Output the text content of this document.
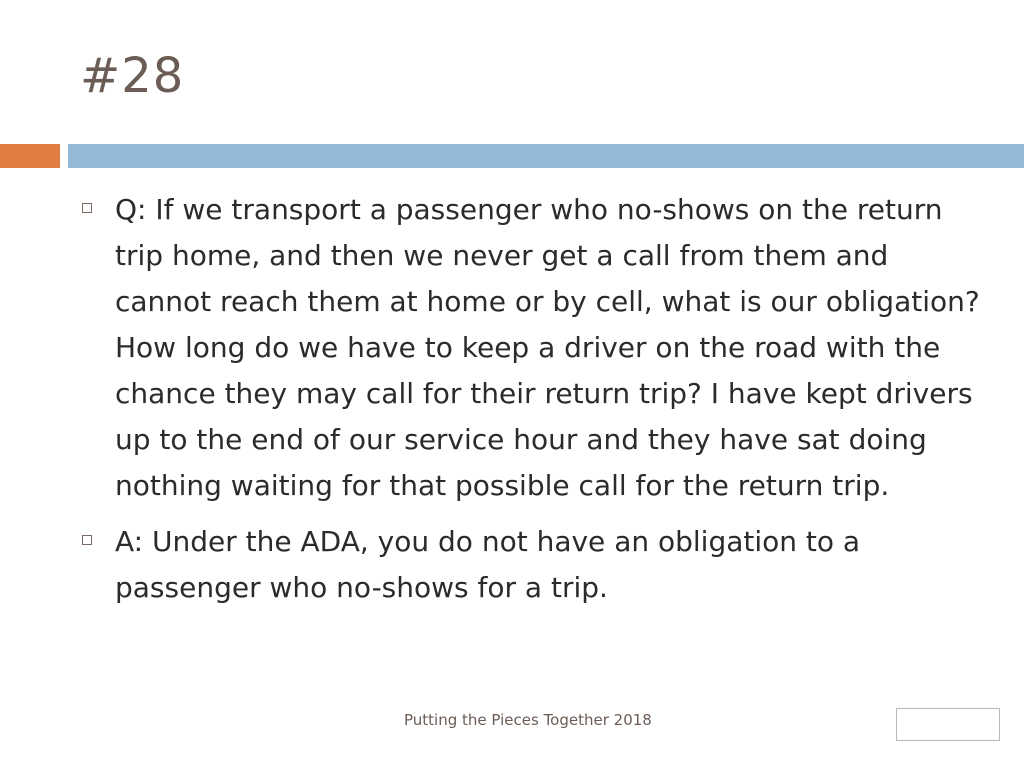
#28
Q: If we transport a passenger who no-shows on the return trip home, and then we never get a call from them and cannot reach them at home or by cell, what is our obligation? How long do we have to keep a driver on the road with the chance they may call for their return trip? I have kept drivers up to the end of our service hour and they have sat doing nothing waiting for that possible call for the return trip.
A: Under the ADA, you do not have an obligation to a passenger who no-shows for a trip.
Putting the Pieces Together 2018
